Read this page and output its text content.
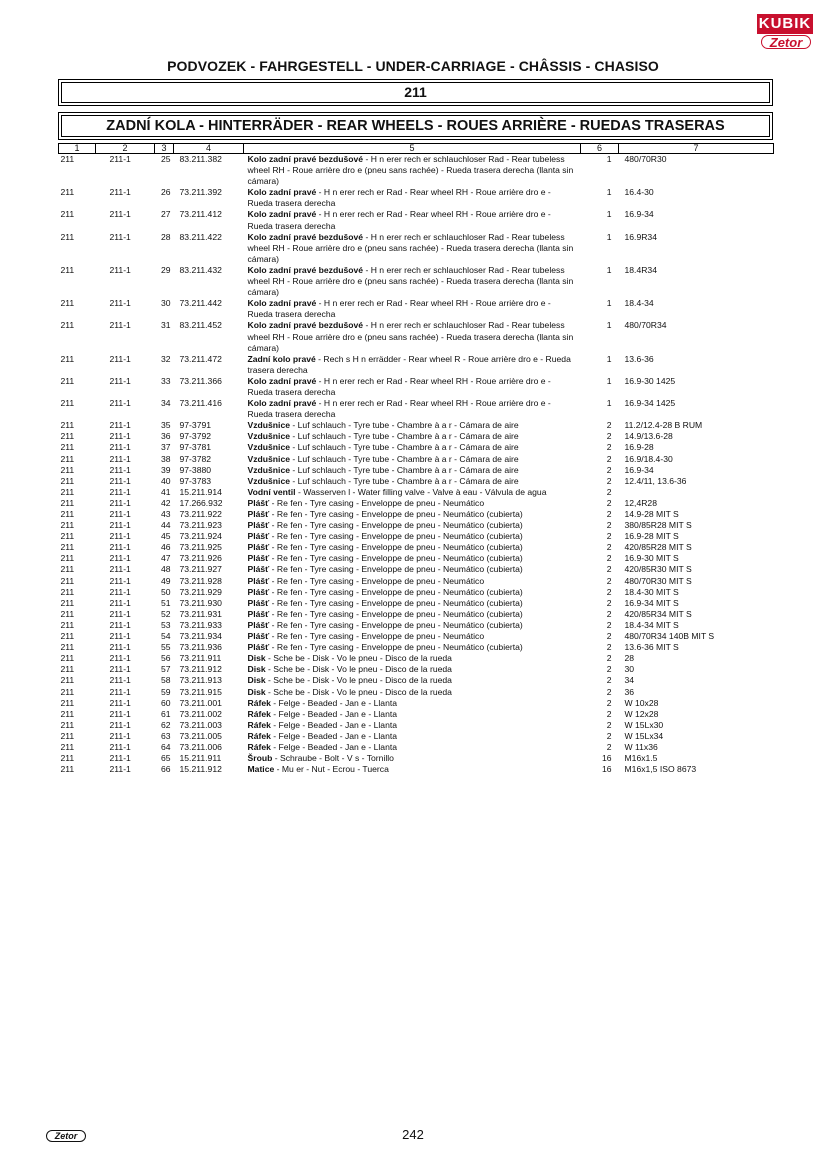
KUBIK
Zetor
PODVOZEK - FAHRGESTELL - UNDER-CARRIAGE - CHÂSSIS - CHASISO
211
ZADNÍ KOLA - HINTERRÄDER - REAR WHEELS - ROUES ARRIÈRE - RUEDAS TRASERAS
1	2	3	4	5	6	7
211	211-1	25	83.211.382	Kolo zadní pravé bezdušové - H n erer rech er schlauchloser Rad - Rear tubeless wheel RH - Roue arrière dro e (pneu sans rachée) - Rueda trasera derecha (llanta sin cámara)	1	480/70R30
211	211-1	26	73.211.392	Kolo zadní pravé - H n erer rech er Rad - Rear wheel RH - Roue arrière dro e - Rueda trasera derecha	1	16.4-30
211	211-1	27	73.211.412	Kolo zadní pravé - H n erer rech er Rad - Rear wheel RH - Roue arrière dro e - Rueda trasera derecha	1	16.9-34
211	211-1	28	83.211.422	Kolo zadní pravé bezdušové - H n erer rech er schlauchloser Rad - Rear tubeless wheel RH - Roue arrière dro e (pneu sans rachée) - Rueda trasera derecha (llanta sin cámara)	1	16.9R34
211	211-1	29	83.211.432	Kolo zadní pravé bezdušové - H n erer rech er schlauchloser Rad - Rear tubeless wheel RH - Roue arrière dro e (pneu sans rachée) - Rueda trasera derecha (llanta sin cámara)	1	18.4R34
211	211-1	30	73.211.442	Kolo zadní pravé - H n erer rech er Rad - Rear wheel RH - Roue arrière dro e - Rueda trasera derecha	1	18.4-34
211	211-1	31	83.211.452	Kolo zadní pravé bezdušové - H n erer rech er schlauchloser Rad - Rear tubeless wheel RH - Roue arrière dro e (pneu sans rachée) - Rueda trasera derecha (llanta sin cámara)	1	480/70R34
211	211-1	32	73.211.472	Zadní kolo pravé - Rech s H n errädder - Rear wheel R - Roue arrière dro e - Rueda trasera derecha	1	13.6-36
211	211-1	33	73.211.366	Kolo zadní pravé - H n erer rech er Rad - Rear wheel RH - Roue arrière dro e - Rueda trasera derecha	1	16.9-30 1425
211	211-1	34	73.211.416	Kolo zadní pravé - H n erer rech er Rad - Rear wheel RH - Roue arrière dro e - Rueda trasera derecha	1	16.9-34 1425
211	211-1	35	97-3791	Vzdušnice - Luf schlauch - Tyre tube - Chambre à a r - Cámara de aire	2	11.2/12.4-28 B RUM
211	211-1	36	97-3792	Vzdušnice - Luf schlauch - Tyre tube - Chambre à a r - Cámara de aire	2	14.9/13.6-28
211	211-1	37	97-3781	Vzdušnice - Luf schlauch - Tyre tube - Chambre à a r - Cámara de aire	2	16.9-28
211	211-1	38	97-3782	Vzdušnice - Luf schlauch - Tyre tube - Chambre à a r - Cámara de aire	2	16.9/18.4-30
211	211-1	39	97-3880	Vzdušnice - Luf schlauch - Tyre tube - Chambre à a r - Cámara de aire	2	16.9-34
211	211-1	40	97-3783	Vzdušnice - Luf schlauch - Tyre tube - Chambre à a r - Cámara de aire	2	12.4/11, 13.6-36
211	211-1	41	15.211.914	Vodní ventil - Wasserven l - Water filling valve - Valve à eau - Válvula de agua	2	
211	211-1	42	17.266.932	Plášť - Re fen - Tyre casing - Enveloppe de pneu - Neumático	2	12,4R28
211	211-1	43	73.211.922	Plášť - Re fen - Tyre casing - Enveloppe de pneu - Neumático (cubierta)	2	14.9-28 MIT S
211	211-1	44	73.211.923	Plášť - Re fen - Tyre casing - Enveloppe de pneu - Neumático (cubierta)	2	380/85R28 MIT S
211	211-1	45	73.211.924	Plášť - Re fen - Tyre casing - Enveloppe de pneu - Neumático (cubierta)	2	16.9-28 MIT S
211	211-1	46	73.211.925	Plášť - Re fen - Tyre casing - Enveloppe de pneu - Neumático (cubierta)	2	420/85R28 MIT S
211	211-1	47	73.211.926	Plášť - Re fen - Tyre casing - Enveloppe de pneu - Neumático (cubierta)	2	16.9-30 MIT S
211	211-1	48	73.211.927	Plášť - Re fen - Tyre casing - Enveloppe de pneu - Neumático (cubierta)	2	420/85R30 MIT S
211	211-1	49	73.211.928	Plášť - Re fen - Tyre casing - Enveloppe de pneu - Neumático	2	480/70R30 MIT S
211	211-1	50	73.211.929	Plášť - Re fen - Tyre casing - Enveloppe de pneu - Neumático (cubierta)	2	18.4-30 MIT S
211	211-1	51	73.211.930	Plášť - Re fen - Tyre casing - Enveloppe de pneu - Neumático (cubierta)	2	16.9-34 MIT S
211	211-1	52	73.211.931	Plášť - Re fen - Tyre casing - Enveloppe de pneu - Neumático (cubierta)	2	420/85R34 MIT S
211	211-1	53	73.211.933	Plášť - Re fen - Tyre casing - Enveloppe de pneu - Neumático (cubierta)	2	18.4-34 MIT S
211	211-1	54	73.211.934	Plášť - Re fen - Tyre casing - Enveloppe de pneu - Neumático	2	480/70R34 140B MIT S
211	211-1	55	73.211.936	Plášť - Re fen - Tyre casing - Enveloppe de pneu - Neumático (cubierta)	2	13.6-36 MIT S
211	211-1	56	73.211.911	Disk - Sche be - Disk - Vo le pneu - Disco de la rueda	2	28
211	211-1	57	73.211.912	Disk - Sche be - Disk - Vo le pneu - Disco de la rueda	2	30
211	211-1	58	73.211.913	Disk - Sche be - Disk - Vo le pneu - Disco de la rueda	2	34
211	211-1	59	73.211.915	Disk - Sche be - Disk - Vo le pneu - Disco de la rueda	2	36
211	211-1	60	73.211.001	Ráfek - Felge - Beaded - Jan e - Llanta	2	W 10x28
211	211-1	61	73.211.002	Ráfek - Felge - Beaded - Jan e - Llanta	2	W 12x28
211	211-1	62	73.211.003	Ráfek - Felge - Beaded - Jan e - Llanta	2	W 15Lx30
211	211-1	63	73.211.005	Ráfek - Felge - Beaded - Jan e - Llanta	2	W 15Lx34
211	211-1	64	73.211.006	Ráfek - Felge - Beaded - Jan e - Llanta	2	W 11x36
211	211-1	65	15.211.911	Šroub - Schraube - Bolt - V s - Tornillo	16	M16x1.5
211	211-1	66	15.211.912	Matice - Mu er - Nut - Ecrou - Tuerca	16	M16x1,5 ISO 8673
Zetor	242
